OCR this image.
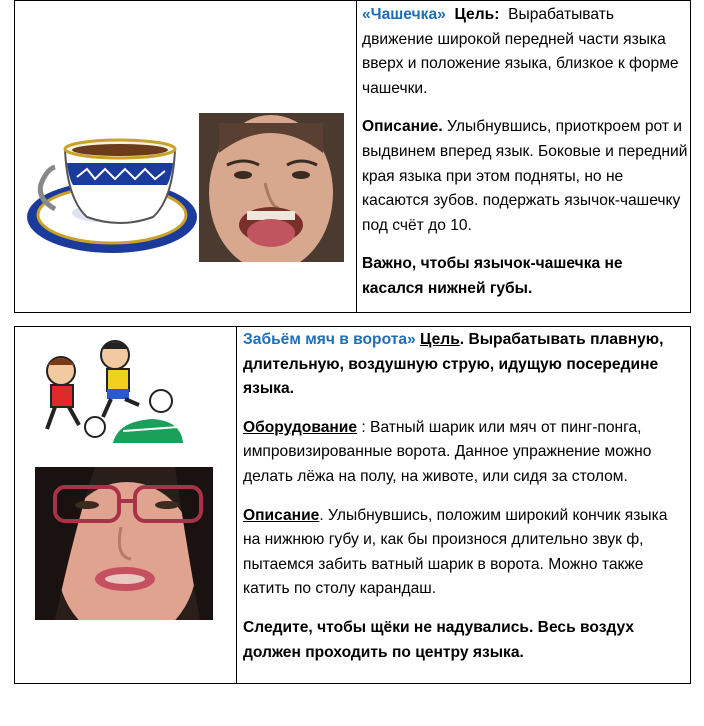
«Чашечка» Цель: Вырабатывать движение широкой передней части языка вверх и положение языка, близкое к форме чашечки.

Описание. Улыбнувшись, приоткроем рот и выдвинем вперед язык. Боковые и передний края языка при этом подняты, но не касаются зубов. подержать язычок-чашечку под счёт до 10.

Важно, чтобы язычок-чашечка не касался нижней губы.

Забьём мяч в ворота» Цель. Вырабатывать плавную, длительную, воздушную струю, идущую посередине языка.

Оборудование : Ватный шарик или мяч от пинг-понга, импровизированные ворота. Данное упражнение можно делать лёжа на полу, на животе, или сидя за столом.

Описание. Улыбнувшись, положим широкий кончик языка на нижнюю губу и, как бы произнося длительно звук ф, пытаемся забить ватный шарик в ворота. Можно также катить по столу карандаш.

Следите, чтобы щёки не надувались. Весь воздух должен проходить по центру языка.
